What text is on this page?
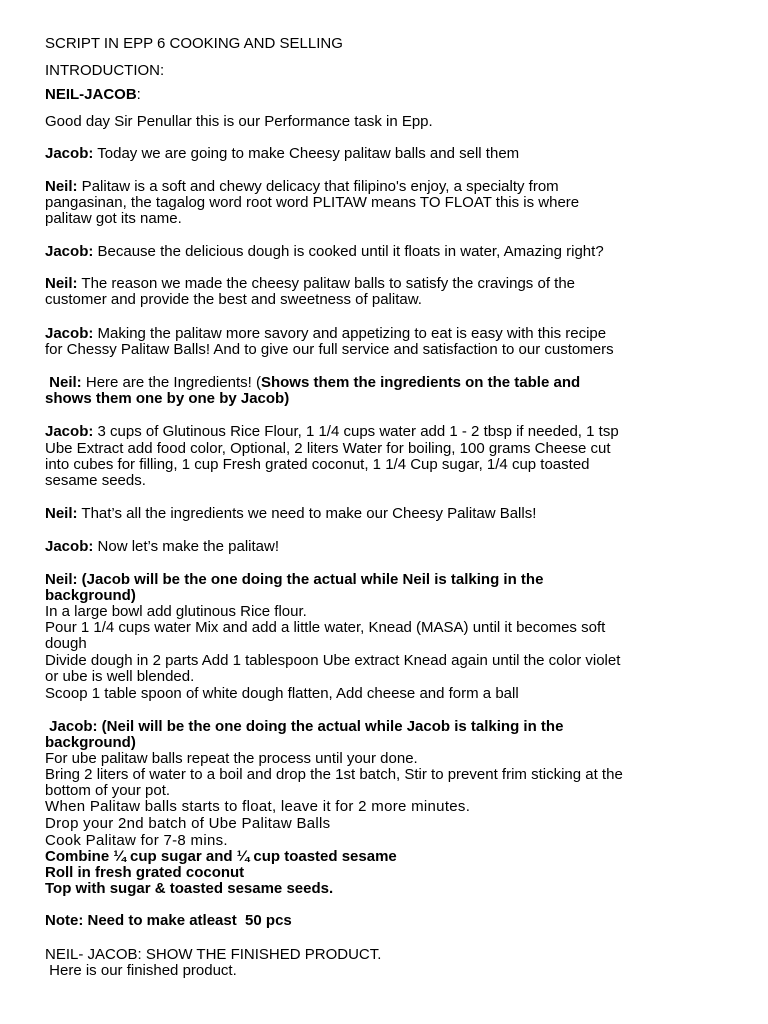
SCRIPT IN EPP 6 COOKING AND SELLING

INTRODUCTION:

NEIL-JACOB:

Good day Sir Penullar this is our Performance task in Epp.

Jacob: Today we are going to make Cheesy palitaw balls and sell them

Neil: Palitaw is a soft and chewy delicacy that filipino's enjoy, a specialty from

pangasinan, the tagalog word root word PLITAW means TO FLOAT this is where

palitaw got its name.

Jacob: Because the delicious dough is cooked until it floats in water, Amazing right?

Neil: The reason we made the cheesy palitaw balls to satisfy the cravings of the

customer and provide the best and sweetness of palitaw.

Jacob: Making the palitaw more savory and appetizing to eat is easy with this recipe

for Chessy Palitaw Balls! And to give our full service and satisfaction to our customers

Neil: Here are the Ingredients! (Shows them the ingredients on the table and

shows them one by one by Jacob)

Jacob: 3 cups of Glutinous Rice Flour, 1 1/4 cups water add 1 - 2 tbsp if needed, 1 tsp

Ube Extract add food color, Optional, 2 liters Water for boiling, 100 grams Cheese cut

into cubes for filling, 1 cup Fresh grated coconut, 1 1/4 Cup sugar, 1/4 cup toasted

sesame seeds.

Neil: That’s all the ingredients we need to make our Cheesy Palitaw Balls!

Jacob: Now let’s make the palitaw!

Neil: (Jacob will be the one doing the actual while Neil is talking in the

background)

In a large bowl add glutinous Rice flour.

Pour 1 1/4 cups water Mix and add a little water, Knead (MASA) until it becomes soft

dough

Divide dough in 2 parts Add 1 tablespoon Ube extract Knead again until the color violet

or ube is well blended.

Scoop 1 table spoon of white dough flatten, Add cheese and form a ball

Jacob: (Neil will be the one doing the actual while Jacob is talking in the

background)

For ube palitaw balls repeat the process until your done.

Bring 2 liters of water to a boil and drop the 1st batch, Stir to prevent frim sticking at the

bottom of your pot.

When Palitaw balls starts to float, leave it for 2 more minutes.

Drop your 2nd batch of Ube Palitaw Balls

Cook Palitaw for 7-8 mins.

Combine ¼ cup sugar and ¼ cup toasted sesame

Roll in fresh grated coconut

Top with sugar & toasted sesame seeds.

Note: Need to make atleast  50 pcs

NEIL- JACOB: SHOW THE FINISHED PRODUCT.

Here is our finished product.
